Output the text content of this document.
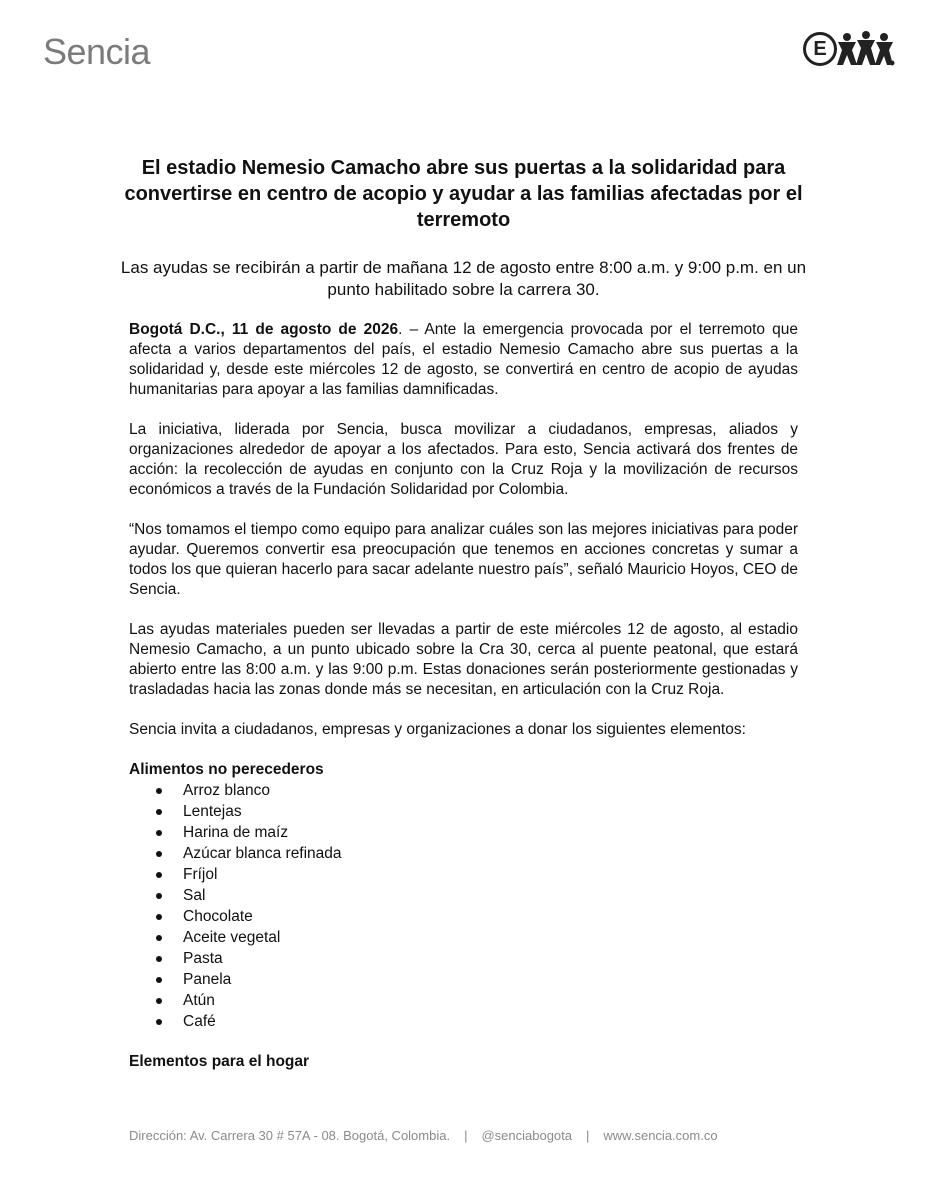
Sencia	E
El estadio Nemesio Camacho abre sus puertas a la solidaridad para convertirse en centro de acopio y ayudar a las familias afectadas por el terremoto

Las ayudas se recibirán a partir de mañana 12 de agosto entre 8:00 a.m. y 9:00 p.m. en un punto habilitado sobre la carrera 30.

Bogotá D.C., 11 de agosto de 2026. – Ante la emergencia provocada por el terremoto que afecta a varios departamentos del país, el estadio Nemesio Camacho abre sus puertas a la solidaridad y, desde este miércoles 12 de agosto, se convertirá en centro de acopio de ayudas humanitarias para apoyar a las familias damnificadas.

La iniciativa, liderada por Sencia, busca movilizar a ciudadanos, empresas, aliados y organizaciones alrededor de apoyar a los afectados. Para esto, Sencia activará dos frentes de acción: la recolección de ayudas en conjunto con la Cruz Roja y la movilización de recursos económicos a través de la Fundación Solidaridad por Colombia.

“Nos tomamos el tiempo como equipo para analizar cuáles son las mejores iniciativas para poder ayudar. Queremos convertir esa preocupación que tenemos en acciones concretas y sumar a todos los que quieran hacerlo para sacar adelante nuestro país”, señaló Mauricio Hoyos, CEO de Sencia.

Las ayudas materiales pueden ser llevadas a partir de este miércoles 12 de agosto, al estadio Nemesio Camacho, a un punto ubicado sobre la Cra 30, cerca al puente peatonal, que estará abierto entre las 8:00 a.m. y las 9:00 p.m. Estas donaciones serán posteriormente gestionadas y trasladadas hacia las zonas donde más se necesitan, en articulación con la Cruz Roja.

Sencia invita a ciudadanos, empresas y organizaciones a donar los siguientes elementos:

Alimentos no perecederos

Arroz blanco
Lentejas
Harina de maíz
Azúcar blanca refinada
Fríjol
Sal
Chocolate
Aceite vegetal
Pasta
Panela
Atún
Café

Elementos para el hogar

Dirección: Av. Carrera 30 # 57A - 08. Bogotá, Colombia. | @senciabogota | www.sencia.com.co
